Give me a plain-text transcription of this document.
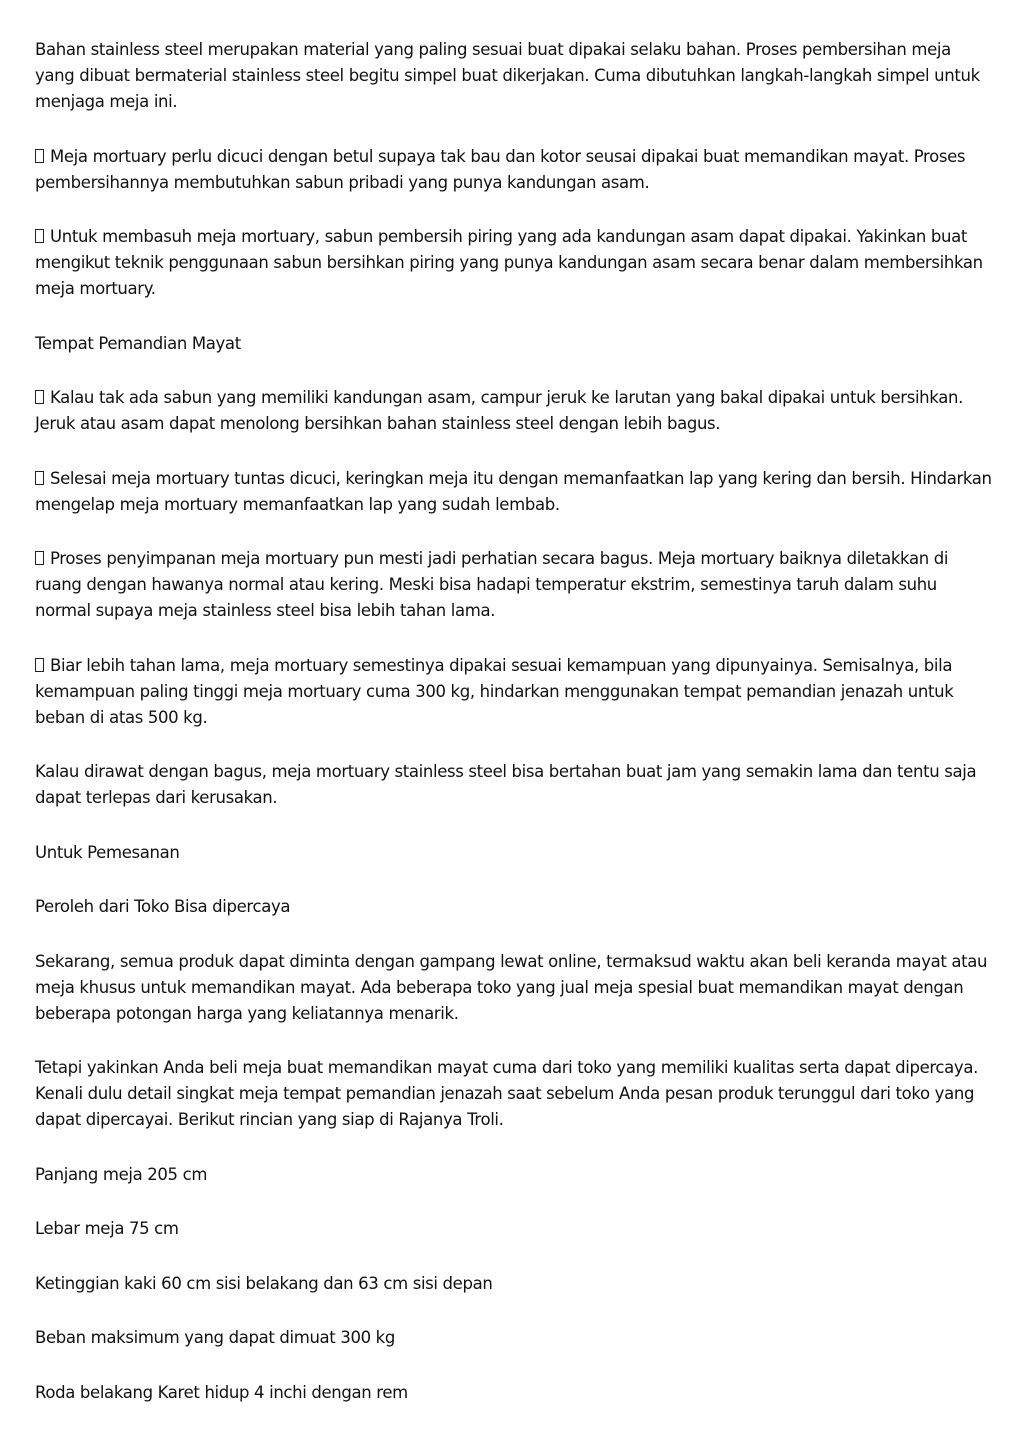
Bahan stainless steel merupakan material yang paling sesuai buat dipakai selaku bahan. Proses pembersihan meja yang dibuat bermaterial stainless steel begitu simpel buat dikerjakan. Cuma dibutuhkan langkah-langkah simpel untuk menjaga meja ini.

Meja mortuary perlu dicuci dengan betul supaya tak bau dan kotor seusai dipakai buat memandikan mayat. Proses pembersihannya membutuhkan sabun pribadi yang punya kandungan asam.

Untuk membasuh meja mortuary, sabun pembersih piring yang ada kandungan asam dapat dipakai. Yakinkan buat mengikut teknik penggunaan sabun bersihkan piring yang punya kandungan asam secara benar dalam membersihkan meja mortuary.

Tempat Pemandian Mayat

Kalau tak ada sabun yang memiliki kandungan asam, campur jeruk ke larutan yang bakal dipakai untuk bersihkan. Jeruk atau asam dapat menolong bersihkan bahan stainless steel dengan lebih bagus.

Selesai meja mortuary tuntas dicuci, keringkan meja itu dengan memanfaatkan lap yang kering dan bersih. Hindarkan mengelap meja mortuary memanfaatkan lap yang sudah lembab.

Proses penyimpanan meja mortuary pun mesti jadi perhatian secara bagus. Meja mortuary baiknya diletakkan di ruang dengan hawanya normal atau kering. Meski bisa hadapi temperatur ekstrim, semestinya taruh dalam suhu normal supaya meja stainless steel bisa lebih tahan lama.

Biar lebih tahan lama, meja mortuary semestinya dipakai sesuai kemampuan yang dipunyainya. Semisalnya, bila kemampuan paling tinggi meja mortuary cuma 300 kg, hindarkan menggunakan tempat pemandian jenazah untuk beban di atas 500 kg.

Kalau dirawat dengan bagus, meja mortuary stainless steel bisa bertahan buat jam yang semakin lama dan tentu saja dapat terlepas dari kerusakan.

Untuk Pemesanan

Peroleh dari Toko Bisa dipercaya

Sekarang, semua produk dapat diminta dengan gampang lewat online, termaksud waktu akan beli keranda mayat atau meja khusus untuk memandikan mayat. Ada beberapa toko yang jual meja spesial buat memandikan mayat dengan beberapa potongan harga yang keliatannya menarik.

Tetapi yakinkan Anda beli meja buat memandikan mayat cuma dari toko yang memiliki kualitas serta dapat dipercaya. Kenali dulu detail singkat meja tempat pemandian jenazah saat sebelum Anda pesan produk terunggul dari toko yang dapat dipercayai. Berikut rincian yang siap di Rajanya Troli.

Panjang meja 205 cm

Lebar meja 75 cm

Ketinggian kaki 60 cm sisi belakang dan 63 cm sisi depan

Beban maksimum yang dapat dimuat 300 kg

Roda belakang Karet hidup 4 inchi dengan rem
